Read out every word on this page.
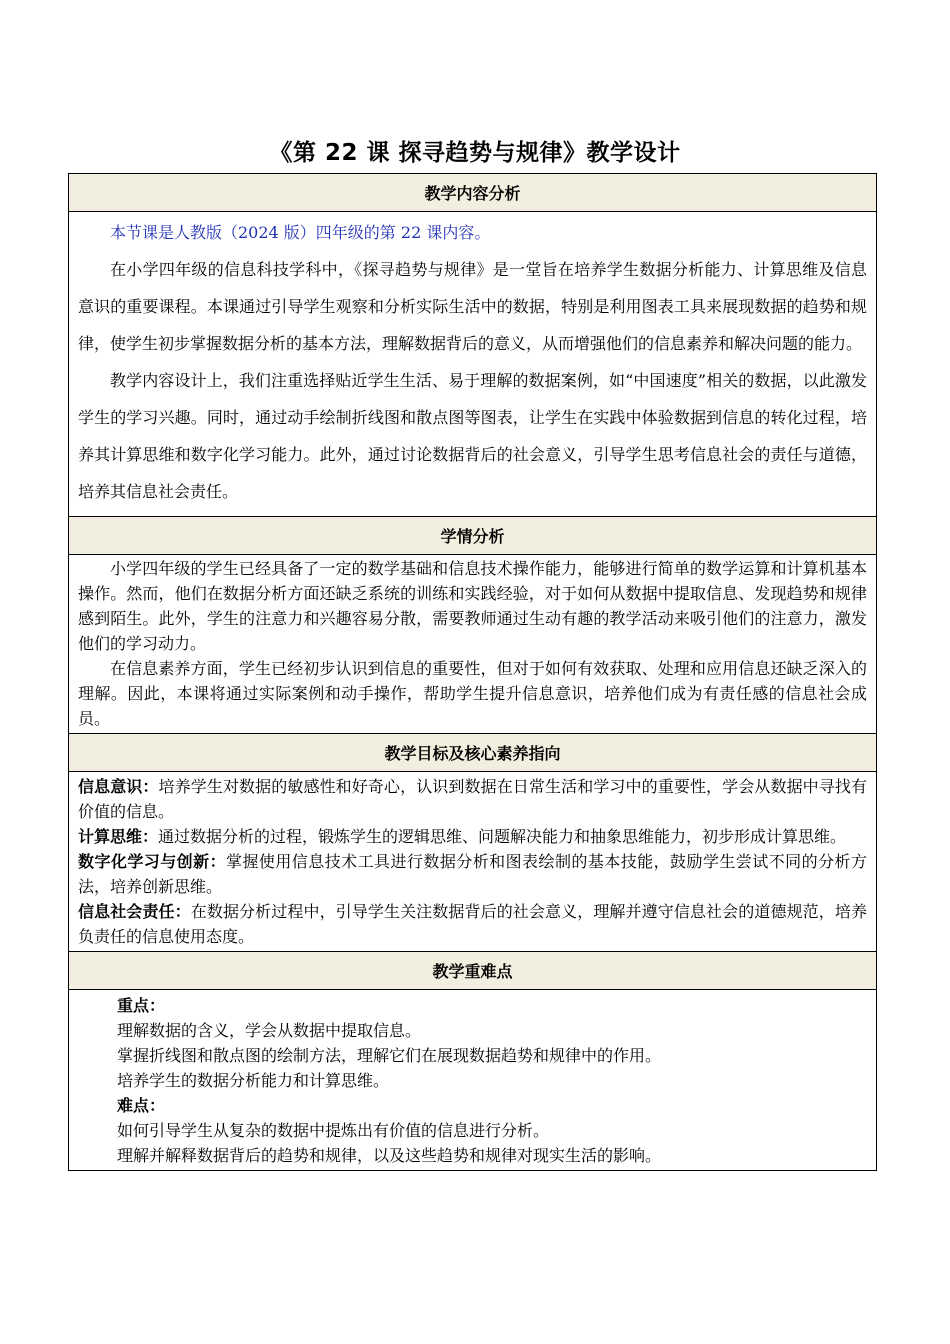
《第 22 课 探寻趋势与规律》教学设计
教学内容分析

本节课是人教版（2024 版）四年级的第 22 课内容。

在小学四年级的信息科技学科中，《探寻趋势与规律》是一堂旨在培养学生数据分析能力、计算思维及信息意识的重要课程。本课通过引导学生观察和分析实际生活中的数据，特别是利用图表工具来展现数据的趋势和规律，使学生初步掌握数据分析的基本方法，理解数据背后的意义，从而增强他们的信息素养和解决问题的能力。

教学内容设计上，我们注重选择贴近学生生活、易于理解的数据案例，如“中国速度”相关的数据，以此激发学生的学习兴趣。同时，通过动手绘制折线图和散点图等图表，让学生在实践中体验数据到信息的转化过程，培养其计算思维和数字化学习能力。此外，通过讨论数据背后的社会意义，引导学生思考信息社会的责任与道德，培养其信息社会责任。

学情分析

小学四年级的学生已经具备了一定的数学基础和信息技术操作能力，能够进行简单的数学运算和计算机基本操作。然而，他们在数据分析方面还缺乏系统的训练和实践经验，对于如何从数据中提取信息、发现趋势和规律感到陌生。此外，学生的注意力和兴趣容易分散，需要教师通过生动有趣的教学活动来吸引他们的注意力，激发他们的学习动力。

在信息素养方面，学生已经初步认识到信息的重要性，但对于如何有效获取、处理和应用信息还缺乏深入的理解。因此，本课将通过实际案例和动手操作，帮助学生提升信息意识，培养他们成为有责任感的信息社会成员。

教学目标及核心素养指向

信息意识：培养学生对数据的敏感性和好奇心，认识到数据在日常生活和学习中的重要性，学会从数据中寻找有价值的信息。

计算思维：通过数据分析的过程，锻炼学生的逻辑思维、问题解决能力和抽象思维能力，初步形成计算思维。

数字化学习与创新：掌握使用信息技术工具进行数据分析和图表绘制的基本技能，鼓励学生尝试不同的分析方法，培养创新思维。

信息社会责任：在数据分析过程中，引导学生关注数据背后的社会意义，理解并遵守信息社会的道德规范，培养负责任的信息使用态度。

教学重难点

重点：

理解数据的含义，学会从数据中提取信息。

掌握折线图和散点图的绘制方法，理解它们在展现数据趋势和规律中的作用。

培养学生的数据分析能力和计算思维。

难点：

如何引导学生从复杂的数据中提炼出有价值的信息进行分析。

理解并解释数据背后的趋势和规律，以及这些趋势和规律对现实生活的影响。
